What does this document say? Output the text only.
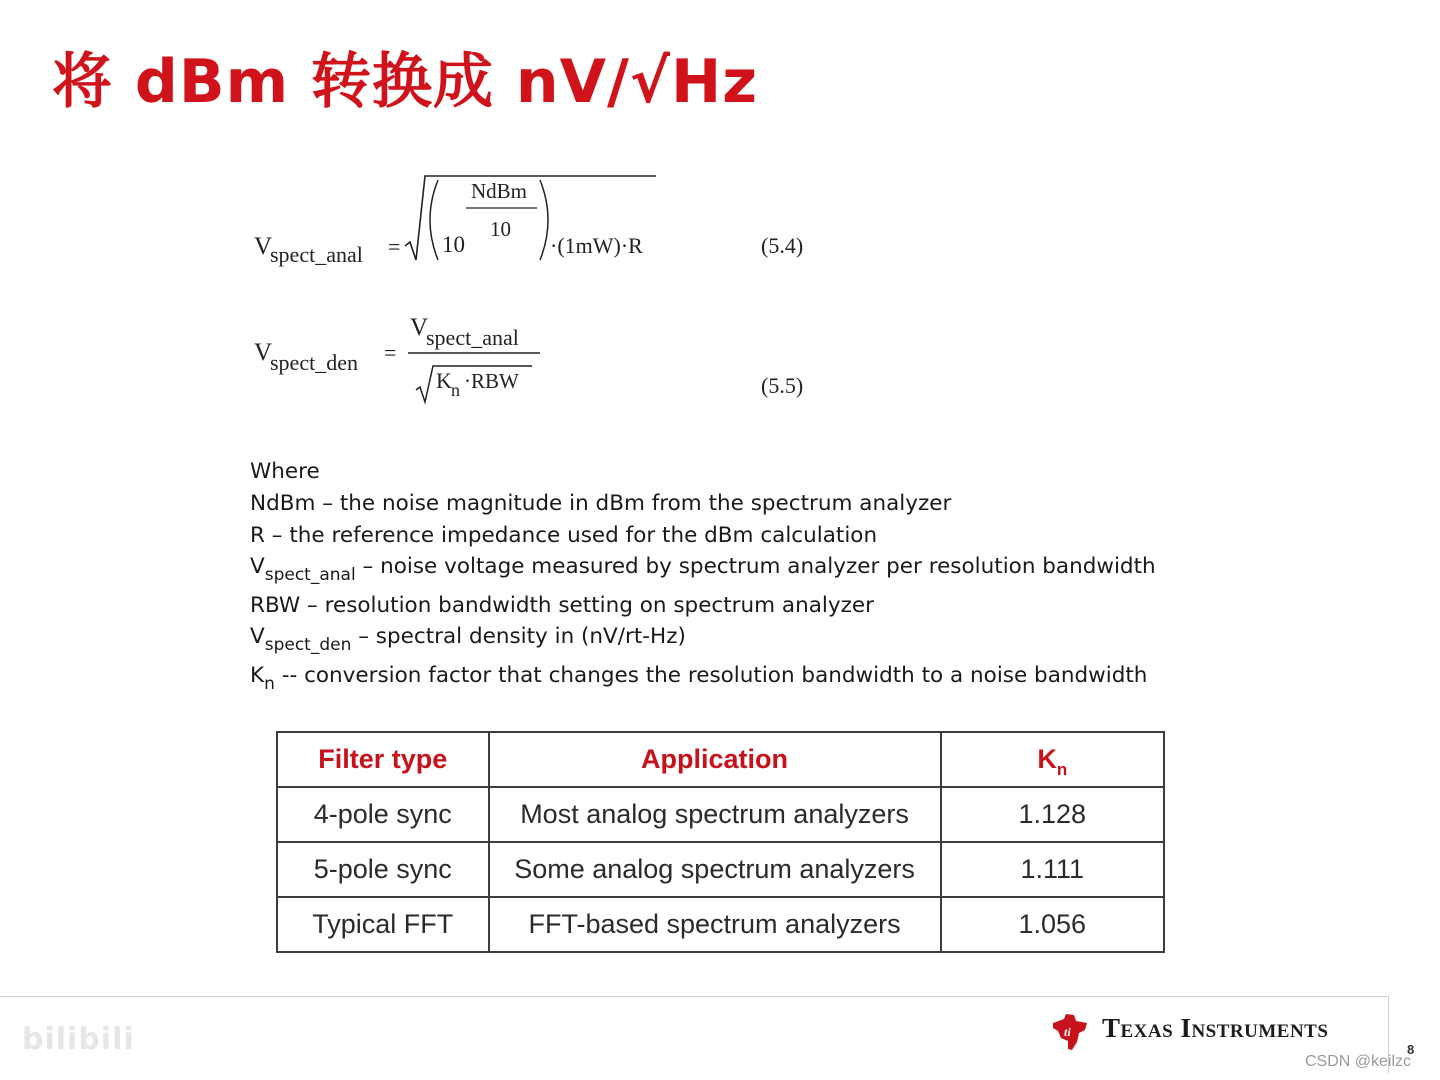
将 dBm 转换成 nV/√Hz
V
spect_anal = 10
NdBm
10
·(1mW)·R	(5.4)
V
spect_den =
V
spect_anal
K n ·RBW	(5.5)
Where
NdBm – the noise magnitude in dBm from the spectrum analyzer
R – the reference impedance used for the dBm calculation
$V_{spect\_anal}$ – noise voltage measured by spectrum analyzer per resolution bandwidth
RBW – resolution bandwidth setting on spectrum analyzer
$V_{spect\_den}$ – spectral density in (nV/rt-Hz)
$K_n$ -- conversion factor that changes the resolution bandwidth to a noise bandwidth
Filter type	Application	$K_n$
4-pole sync	Most analog spectrum analyzers	1.128
5-pole sync	Some analog spectrum analyzers	1.111
Typical FFT	FFT-based spectrum analyzers	1.056
bilibili	ti Texas Instruments
8
CSDN @keilzc
